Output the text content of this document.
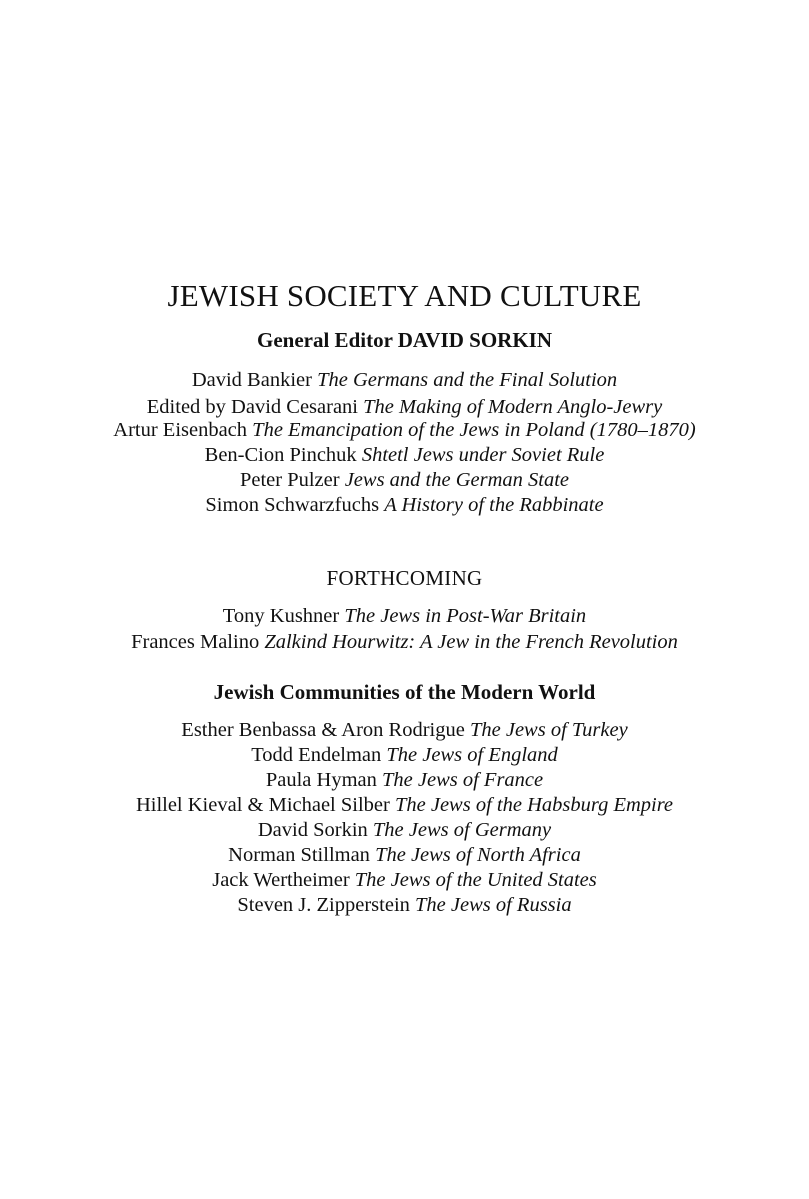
JEWISH SOCIETY AND CULTURE
General Editor DAVID SORKIN
David Bankier The Germans and the Final Solution
Edited by David Cesarani The Making of Modern Anglo-Jewry
Artur Eisenbach The Emancipation of the Jews in Poland (1780–1870)
Ben-Cion Pinchuk Shtetl Jews under Soviet Rule
Peter Pulzer Jews and the German State
Simon Schwarzfuchs A History of the Rabbinate
FORTHCOMING
Tony Kushner The Jews in Post-War Britain
Frances Malino Zalkind Hourwitz: A Jew in the French Revolution
Jewish Communities of the Modern World
Esther Benbassa & Aron Rodrigue The Jews of Turkey
Todd Endelman The Jews of England
Paula Hyman The Jews of France
Hillel Kieval & Michael Silber The Jews of the Habsburg Empire
David Sorkin The Jews of Germany
Norman Stillman The Jews of North Africa
Jack Wertheimer The Jews of the United States
Steven J. Zipperstein The Jews of Russia
